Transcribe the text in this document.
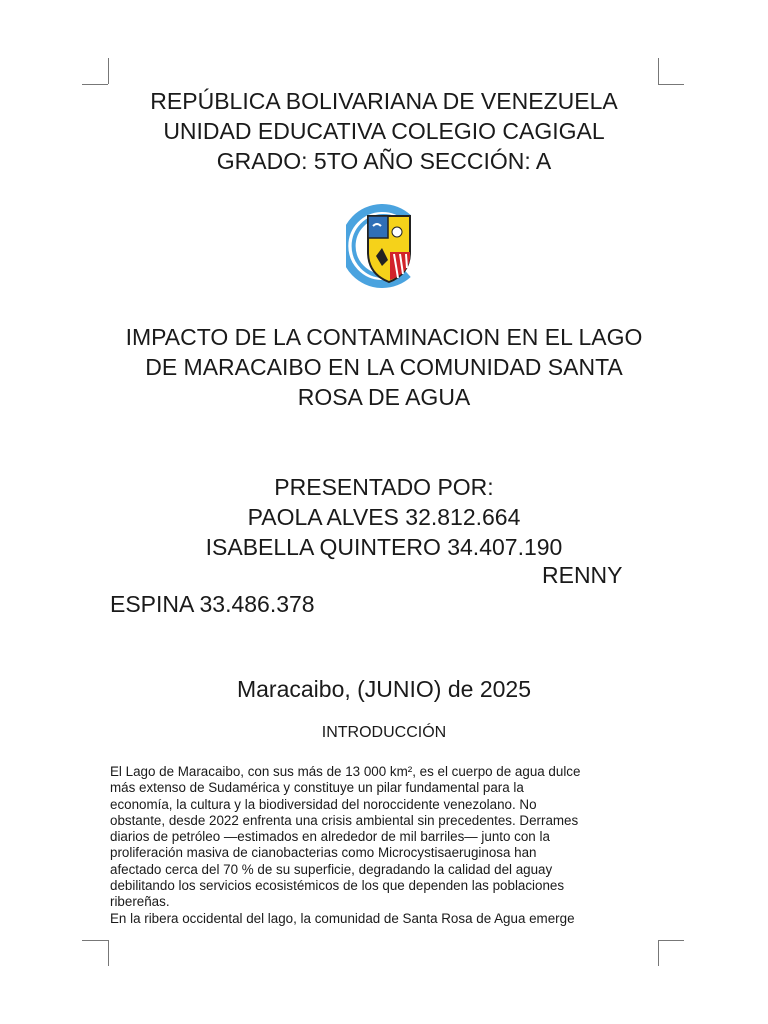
REPÚBLICA BOLIVARIANA DE VENEZUELA
UNIDAD EDUCATIVA COLEGIO CAGIGAL
GRADO: 5TO AÑO SECCIÓN: A
IMPACTO DE LA CONTAMINACION EN EL LAGO
DE MARACAIBO EN LA COMUNIDAD SANTA
ROSA DE AGUA
PRESENTADO POR:
PAOLA ALVES 32.812.664
ISABELLA QUINTERO 34.407.190
RENNY
ESPINA 33.486.378
Maracaibo, (JUNIO) de 2025
INTRODUCCIÓN

El Lago de Maracaibo, con sus más de 13 000 km², es el cuerpo de agua dulce

más extenso de Sudamérica y constituye un pilar fundamental para la

economía, la cultura y la biodiversidad del noroccidente venezolano. No

obstante, desde 2022 enfrenta una crisis ambiental sin precedentes. Derrames

diarios de petróleo —estimados en alrededor de mil barriles— junto con la

proliferación masiva de cianobacterias como Microcystisaeruginosa han

afectado cerca del 70 % de su superficie, degradando la calidad del aguay

debilitando los servicios ecosistémicos de los que dependen las poblaciones

ribereñas.

En la ribera occidental del lago, la comunidad de Santa Rosa de Agua emerge
